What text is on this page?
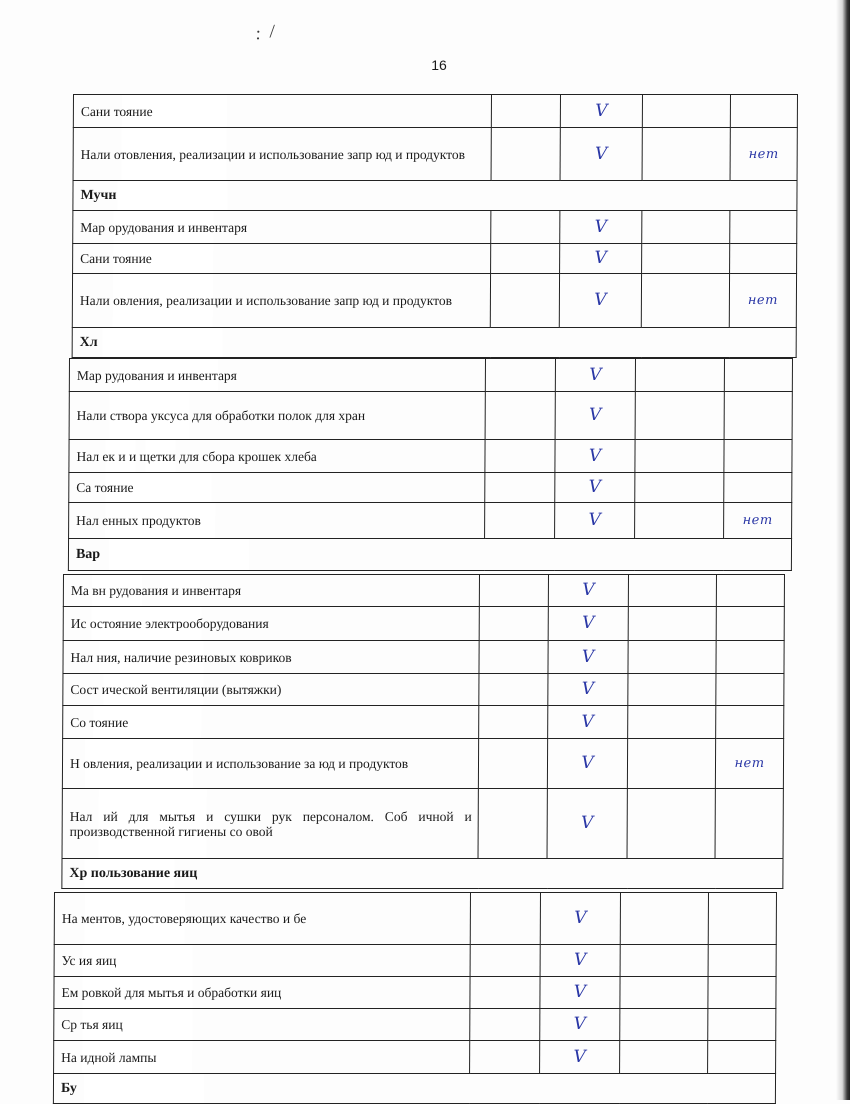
: /
16
Сани тояние		V		

Нали отовления, реализации и использование запр юд и продуктов		V		нет

Мучн				

Мар орудования и инвентаря		V		

Сани тояние		V		

Нали овления, реализации и использование запр юд и продуктов		V		нет

Хл				
Мар рудования и инвентаря		V		

Нали створа уксуса для обработки полок для хран		V		

Нал ек и и щетки для сбора крошек хлеба		V		

Са тояние		V		

Нал енных продуктов		V		нет

Вар				
Ма вн рудования и инвентаря		V		

Ис остояние электрооборудования		V		

Нал ния, наличие резиновых ковриков		V		

Сост ической вентиляции (вытяжки)		V		

Со тояние		V		

Н овления, реализации и использование за юд и продуктов		V		нет

Нал ий для мытья и сушки рук персоналом. Соб ичной и производственной гигиены со овой		V		

Хр пользование яиц				
На ментов, удостоверяющих качество и бе		V		

Ус ия яиц		V		

Ем ровкой для мытья и обработки яиц		V		

Ср тья яиц		V		

На идной лампы		V		

Бу				
